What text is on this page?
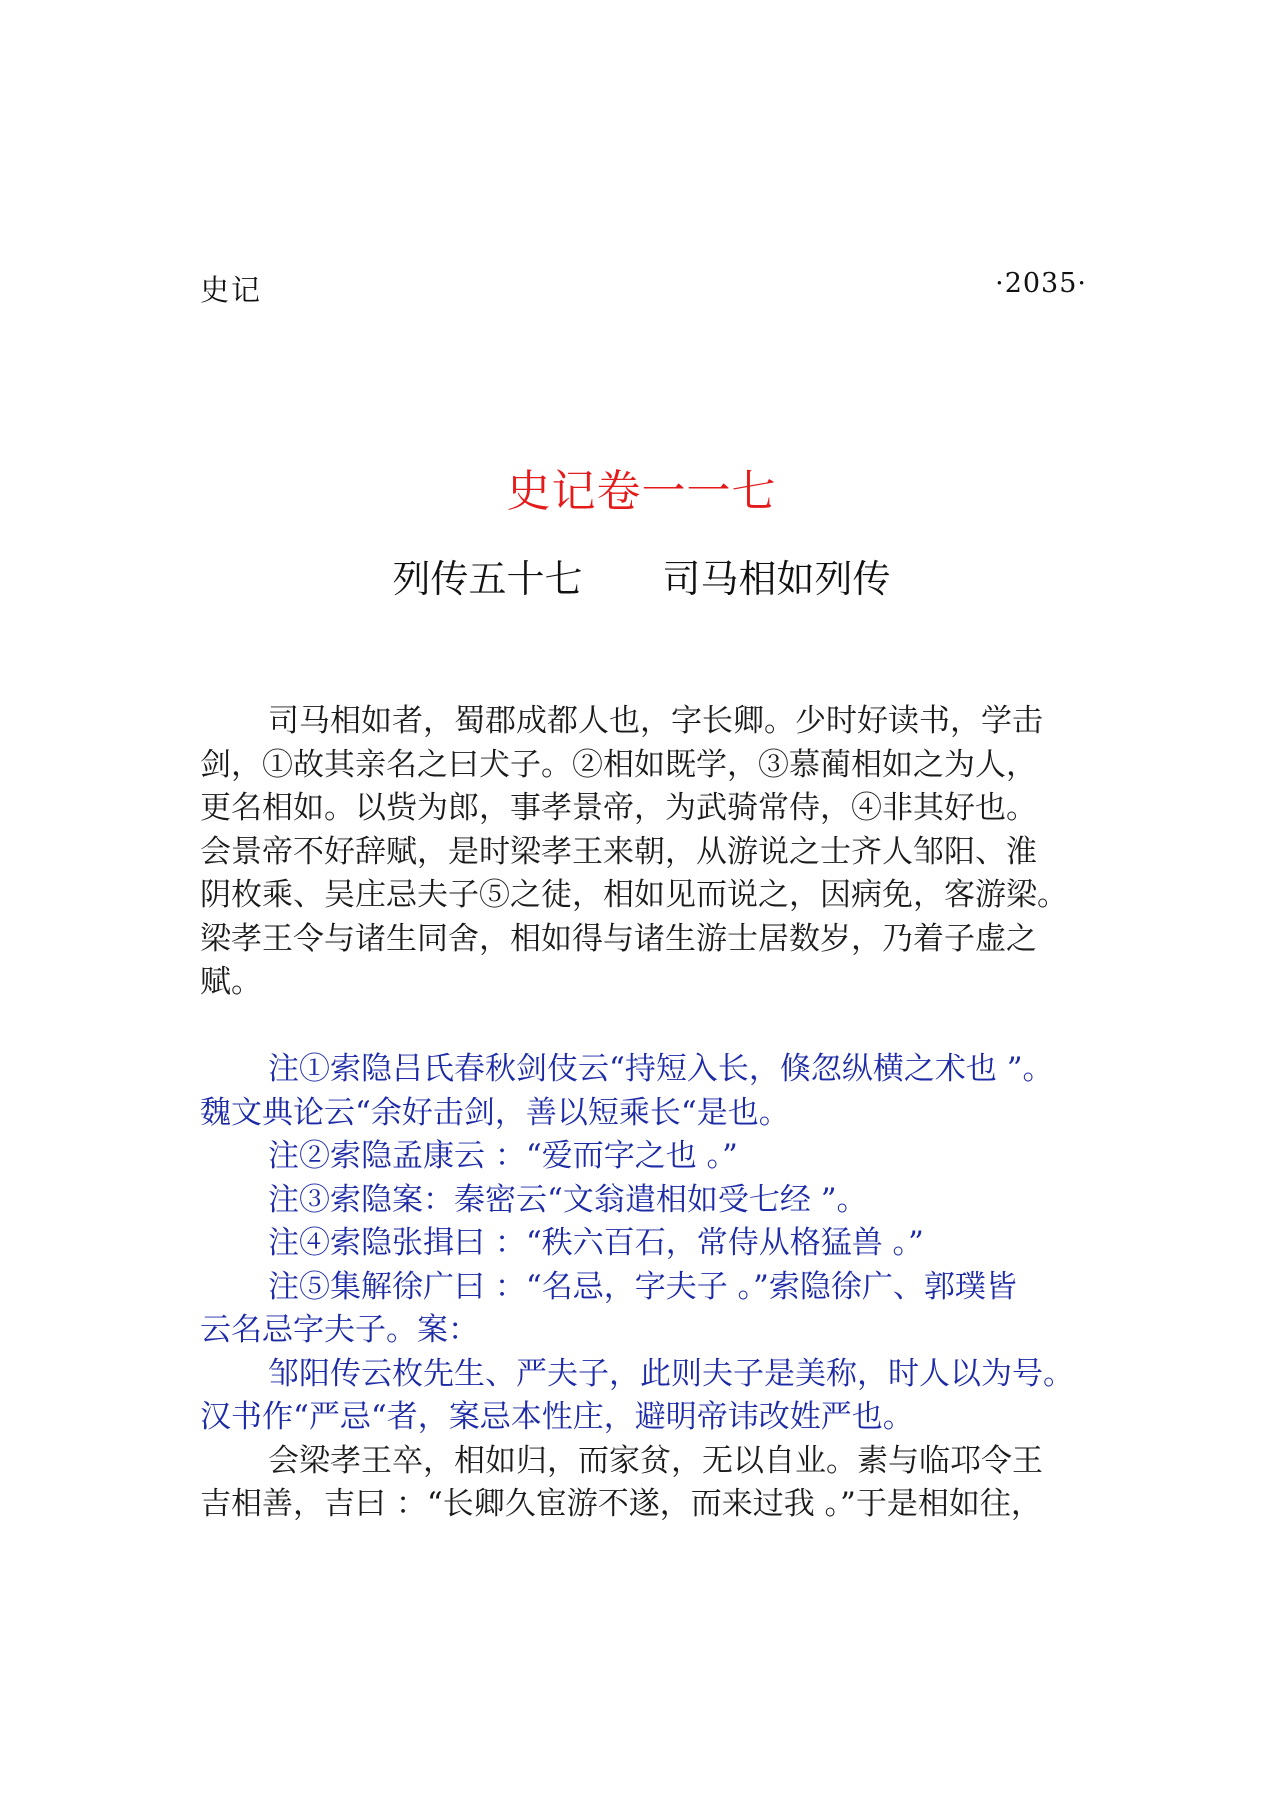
史记	·2035·
史记卷一一七
列传五十七 司马相如列传
司马相如者，蜀郡成都人也，字长卿。少时好读书，学击
剑，①故其亲名之曰犬子。②相如既学，③慕蔺相如之为人，
更名相如。以赀为郎，事孝景帝，为武骑常侍，④非其好也。
会景帝不好辞赋，是时梁孝王来朝，从游说之士齐人邹阳、淮
阴枚乘、吴庄忌夫子⑤之徒，相如见而说之，因病免，客游梁。
梁孝王令与诸生同舍，相如得与诸生游士居数岁，乃着子虚之
赋。
注①索隐吕氏春秋剑伎云“持短入长，倏忽纵横之术也 ”。
魏文典论云“余好击剑，善以短乘长“是也。
注②索隐孟康云 ：“爱而字之也 。”
注③索隐案：秦密云“文翁遣相如受七经 ”。
注④索隐张揖曰 ：“秩六百石，常侍从格猛兽 。”
注⑤集解徐广曰 ：“名忌，字夫子 。”索隐徐广、郭璞皆
云名忌字夫子。案：
邹阳传云枚先生、严夫子，此则夫子是美称，时人以为号。
汉书作“严忌“者，案忌本性庄，避明帝讳改姓严也。
会梁孝王卒，相如归，而家贫，无以自业。素与临邛令王
吉相善，吉曰 ：“长卿久宦游不遂，而来过我 。”于是相如往，
